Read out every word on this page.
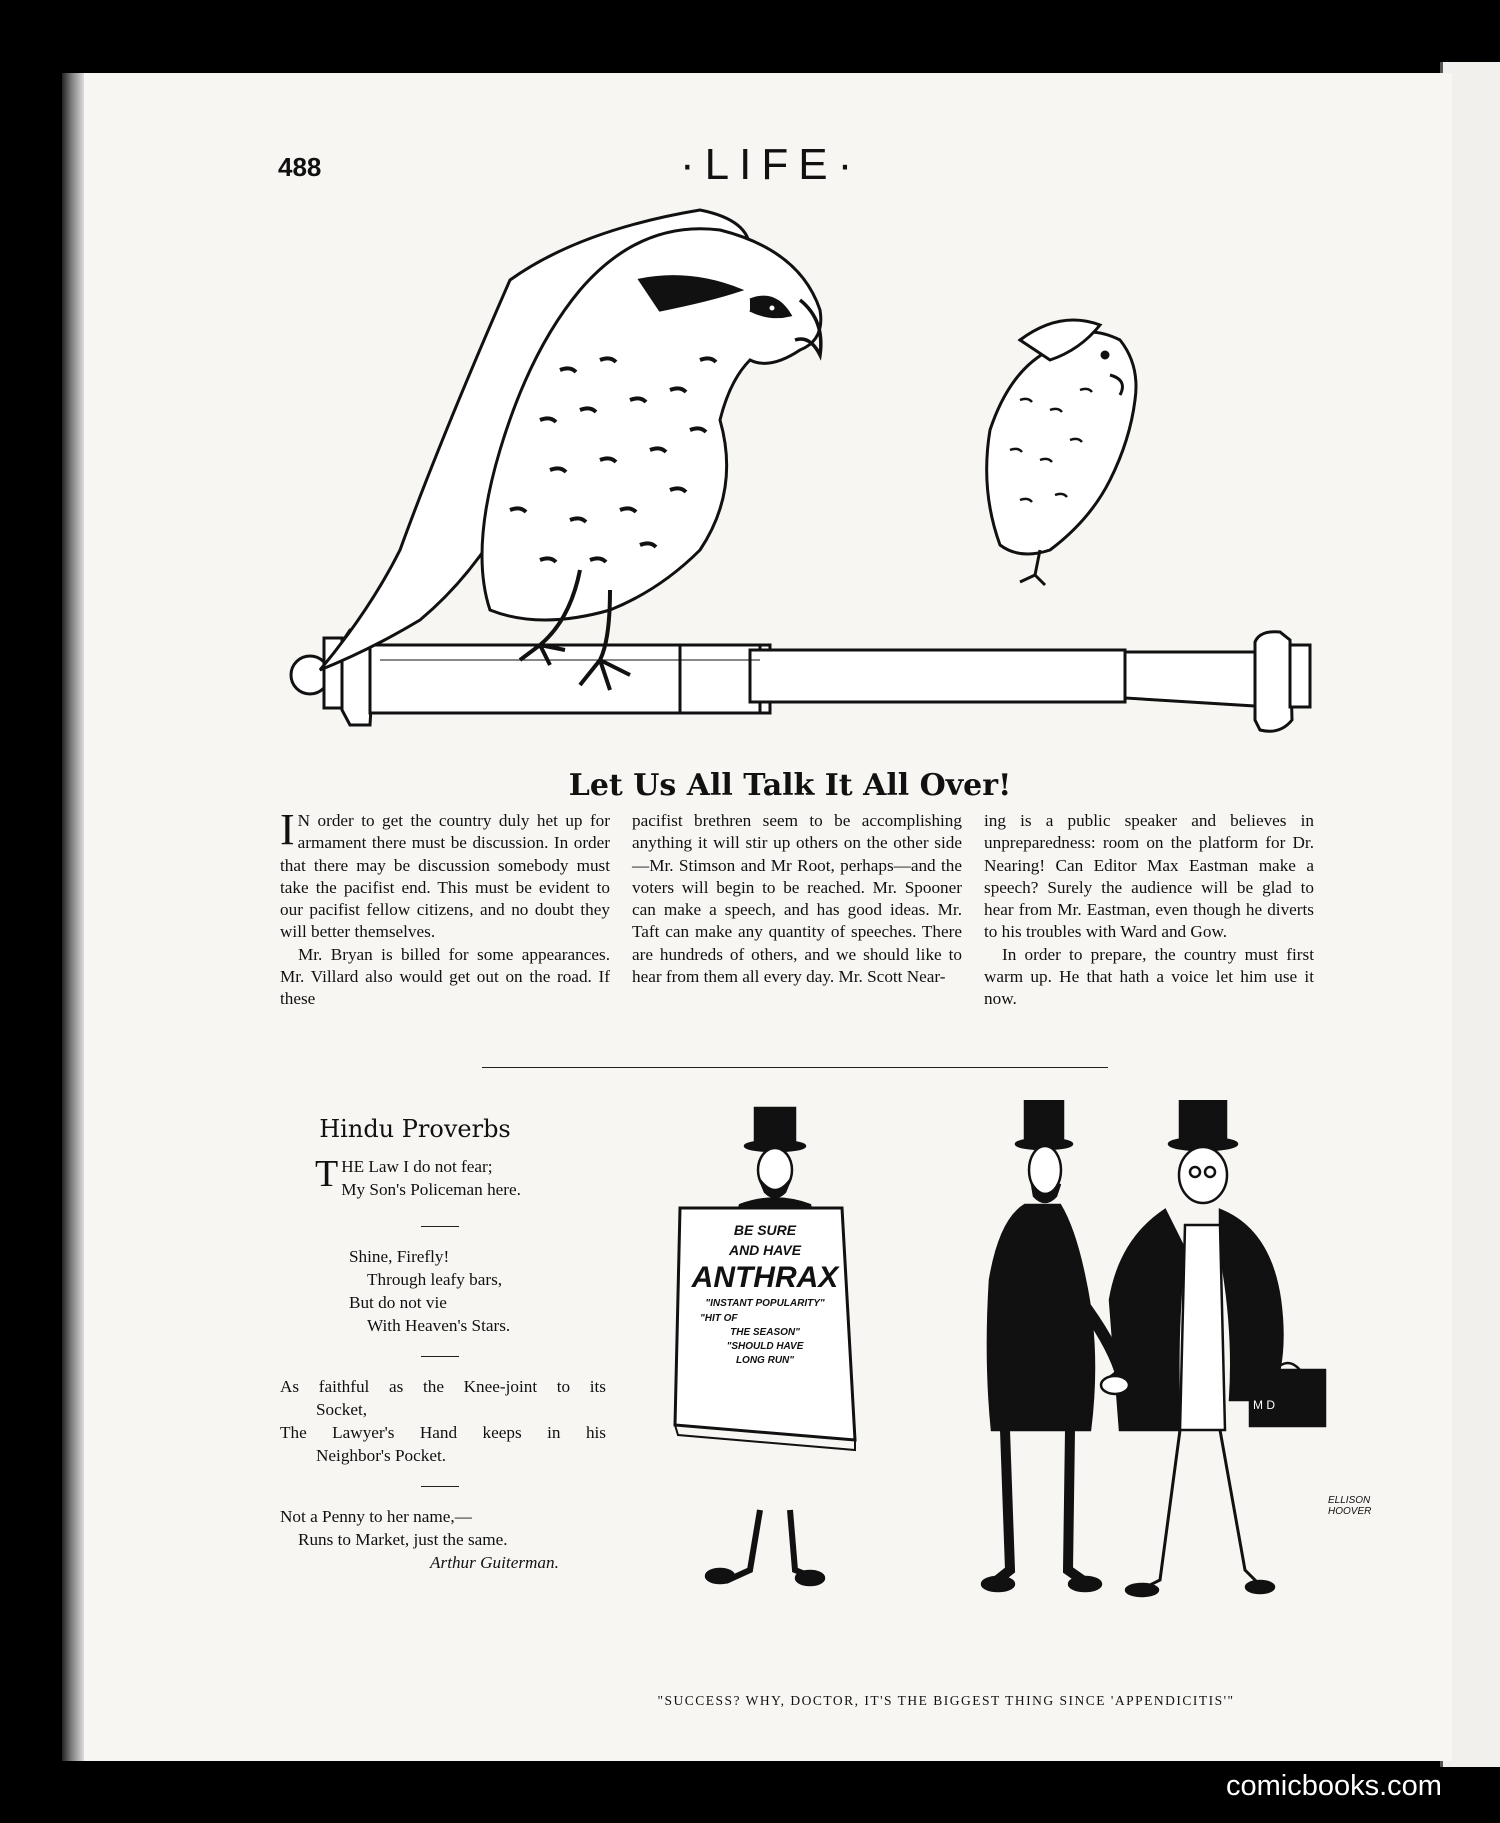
488	·LIFE·
Let Us All Talk It All Over!

I N order to get the country duly het up for armament there must be discussion. In order that there may be discussion somebody must take the pacifist end. This must be evident to our pacifist fellow citizens, and no doubt they will better themselves.

Mr. Bryan is billed for some appearances. Mr. Villard also would get out on the road. If these

pacifist brethren seem to be accomplishing anything it will stir up others on the other side—Mr. Stimson and Mr Root, perhaps—and the voters will begin to be reached. Mr. Spooner can make a speech, and has good ideas. Mr. Taft can make any quantity of speeches. There are hundreds of others, and we should like to hear from them all every day. Mr. Scott Near-

ing is a public speaker and believes in unpreparedness: room on the platform for Dr. Nearing! Can Editor Max Eastman make a speech? Surely the audience will be glad to hear from Mr. Eastman, even though he diverts to his troubles with Ward and Gow.

In order to prepare, the country must first warm up. He that hath a voice let him use it now.

Hindu Proverbs
T HE Law I do not fear;
My Son's Policeman here.
Shine, Firefly!
Through leafy bars,
But do not vie
With Heaven's Stars.
As faithful as the Knee-joint to its
Socket,
The Lawyer's Hand keeps in his
Neighbor's Pocket.
Not a Penny to her name,—
Runs to Market, just the same.
Arthur Guiterman.
BE SURE
AND HAVE
ANTHRAX
"INSTANT POPULARITY"
"HIT OF
THE SEASON"
"SHOULD HAVE
LONG RUN"
M D
ELLISON
HOOVER
"SUCCESS? WHY, DOCTOR, IT'S THE BIGGEST THING SINCE 'APPENDICITIS'"
comicbooks.com
